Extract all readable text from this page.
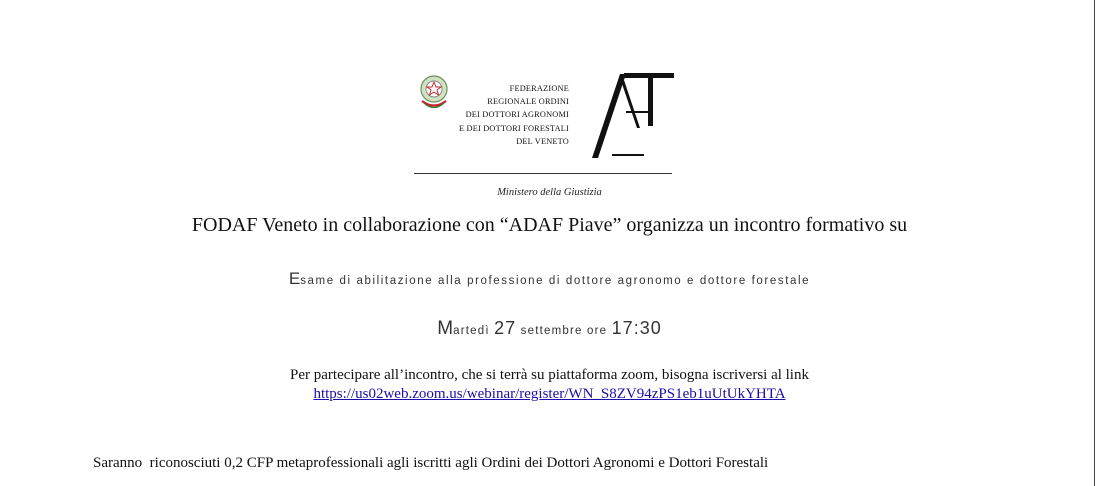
FEDERAZIONE
REGIONALE ORDINI
DEI DOTTORI AGRONOMI
E DEI DOTTORI FORESTALI
DEL VENETO
Ministero della Giustizia
FODAF Veneto in collaborazione con “ADAF Piave” organizza un incontro formativo su
Esame di abilitazione alla professione di dottore agronomo e dottore forestale
Martedì 27 settembre ore 17:30
Per partecipare all’incontro, che si terrà su piattaforma zoom, bisogna iscriversi al link
https://us02web.zoom.us/webinar/register/WN_S8ZV94zPS1eb1uUtUkYHTA
Saranno  riconosciuti 0,2 CFP metaprofessionali agli iscritti agli Ordini dei Dottori Agronomi e Dottori Forestali
